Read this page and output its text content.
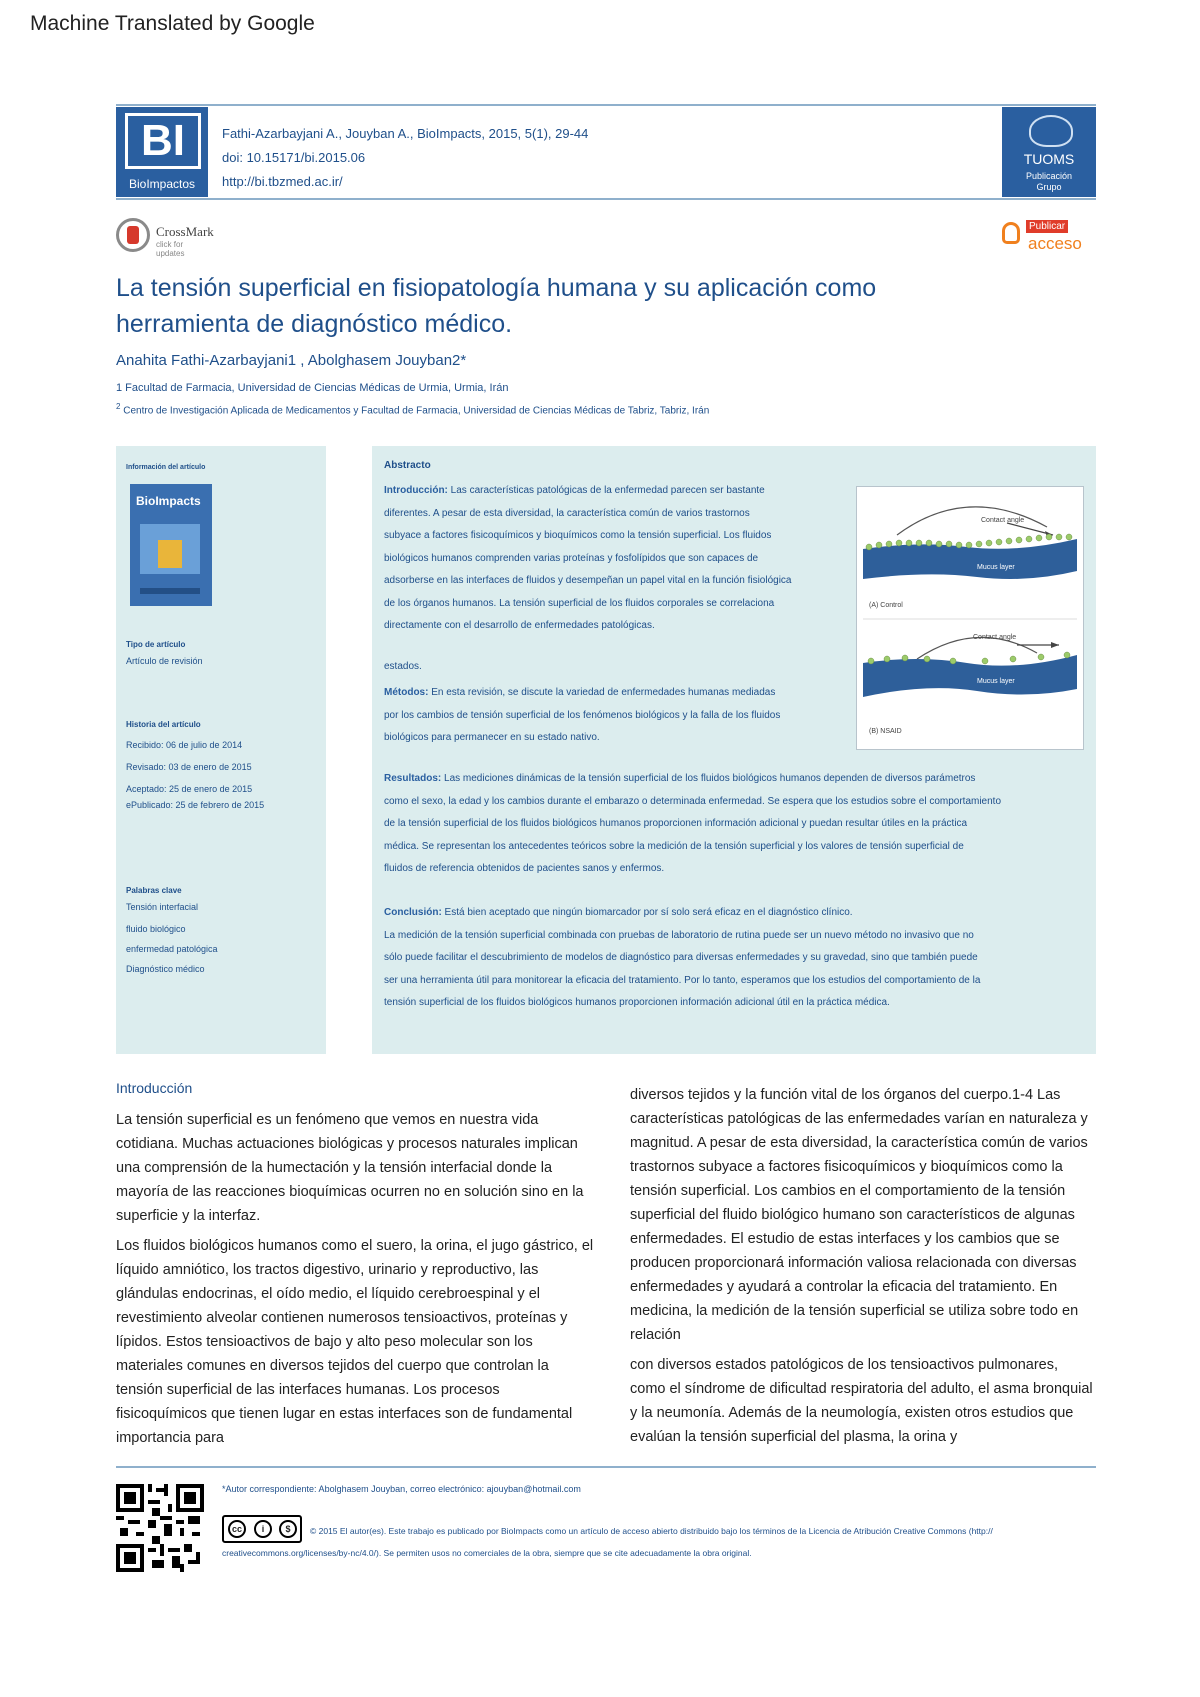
Machine Translated by Google
BI
BioImpactos
Fathi-Azarbayjani A., Jouyban A., BioImpacts, 2015, 5(1), 29-44
doi: 10.15171/bi.2015.06
http://bi.tbzmed.ac.ir/
TUOMS
Publicación
Grupo
CrossMark
click for updates
Publicar
acceso
La tensión superficial en fisiopatología humana y su aplicación como
herramienta de diagnóstico médico.
Anahita Fathi-Azarbayjani1 , Abolghasem Jouyban2*
1 Facultad de Farmacia, Universidad de Ciencias Médicas de Urmia, Urmia, Irán
$^2$ Centro de Investigación Aplicada de Medicamentos y Facultad de Farmacia, Universidad de Ciencias Médicas de Tabriz, Tabriz, Irán
Información del artículo
BioImpacts
Tipo de artículo
Artículo de revisión
Historia del artículo
Recibido: 06 de julio de 2014
Revisado: 03 de enero de 2015
Aceptado: 25 de enero de 2015
ePublicado: 25 de febrero de 2015
Palabras clave
Tensión interfacial
fluido biológico
enfermedad patológica
Diagnóstico médico
Abstracto
Introducción: Las características patológicas de la enfermedad parecen ser bastante
diferentes. A pesar de esta diversidad, la característica común de varios trastornos
subyace a factores fisicoquímicos y bioquímicos como la tensión superficial. Los fluidos
biológicos humanos comprenden varias proteínas y fosfolípidos que son capaces de
adsorberse en las interfaces de fluidos y desempeñan un papel vital en la función fisiológica
de los órganos humanos. La tensión superficial de los fluidos corporales se correlaciona
directamente con el desarrollo de enfermedades patológicas.
estados.
Métodos: En esta revisión, se discute la variedad de enfermedades humanas mediadas
por los cambios de tensión superficial de los fenómenos biológicos y la falla de los fluidos
biológicos para permanecer en su estado nativo.
Resultados: Las mediciones dinámicas de la tensión superficial de los fluidos biológicos humanos dependen de diversos parámetros
como el sexo, la edad y los cambios durante el embarazo o determinada enfermedad. Se espera que los estudios sobre el comportamiento
de la tensión superficial de los fluidos biológicos humanos proporcionen información adicional y puedan resultar útiles en la práctica
médica. Se representan los antecedentes teóricos sobre la medición de la tensión superficial y los valores de tensión superficial de
fluidos de referencia obtenidos de pacientes sanos y enfermos.
Conclusión: Está bien aceptado que ningún biomarcador por sí solo será eficaz en el diagnóstico clínico.
La medición de la tensión superficial combinada con pruebas de laboratorio de rutina puede ser un nuevo método no invasivo que no
sólo puede facilitar el descubrimiento de modelos de diagnóstico para diversas enfermedades y su gravedad, sino que también puede
ser una herramienta útil para monitorear la eficacia del tratamiento. Por lo tanto, esperamos que los estudios del comportamiento de la
tensión superficial de los fluidos biológicos humanos proporcionen información adicional útil en la práctica médica.
Contact angle
Mucus layer
(A) Control
Contact angle
Mucus layer
(B) NSAID
Introducción

La tensión superficial es un fenómeno que vemos en nuestra vida cotidiana. Muchas actuaciones biológicas y procesos naturales implican una comprensión de la humectación y la tensión interfacial donde la mayoría de las reacciones bioquímicas ocurren no en solución sino en la superficie y la interfaz.

Los fluidos biológicos humanos como el suero, la orina, el jugo gástrico, el líquido amniótico, los tractos digestivo, urinario y reproductivo, las glándulas endocrinas, el oído medio, el líquido cerebroespinal y el revestimiento alveolar contienen numerosos tensioactivos, proteínas y lípidos. Estos tensioactivos de bajo y alto peso molecular son los materiales comunes en diversos tejidos del cuerpo que controlan la tensión superficial de las interfaces humanas. Los procesos fisicoquímicos que tienen lugar en estas interfaces son de fundamental importancia para

diversos tejidos y la función vital de los órganos del cuerpo.1-4 Las características patológicas de las enfermedades varían en naturaleza y magnitud. A pesar de esta diversidad, la característica común de varios trastornos subyace a factores fisicoquímicos y bioquímicos como la tensión superficial. Los cambios en el comportamiento de la tensión superficial del fluido biológico humano son característicos de algunas enfermedades. El estudio de estas interfaces y los cambios que se producen proporcionará información valiosa relacionada con diversas enfermedades y ayudará a controlar la eficacia del tratamiento. En medicina, la medición de la tensión superficial se utiliza sobre todo en relación

con diversos estados patológicos de los tensioactivos pulmonares, como el síndrome de dificultad respiratoria del adulto, el asma bronquial y la neumonía. Además de la neumología, existen otros estudios que evalúan la tensión superficial del plasma, la orina y

*Autor correspondiente: Abolghasem Jouyban, correo electrónico: ajouyban@hotmail.com
cc	i	$	© 2015 El autor(es). Este trabajo es publicado por BioImpacts como un artículo de acceso abierto distribuido bajo los términos de la Licencia de Atribución Creative Commons (http://
creativecommons.org/licenses/by-nc/4.0/). Se permiten usos no comerciales de la obra, siempre que se cite adecuadamente la obra original.
